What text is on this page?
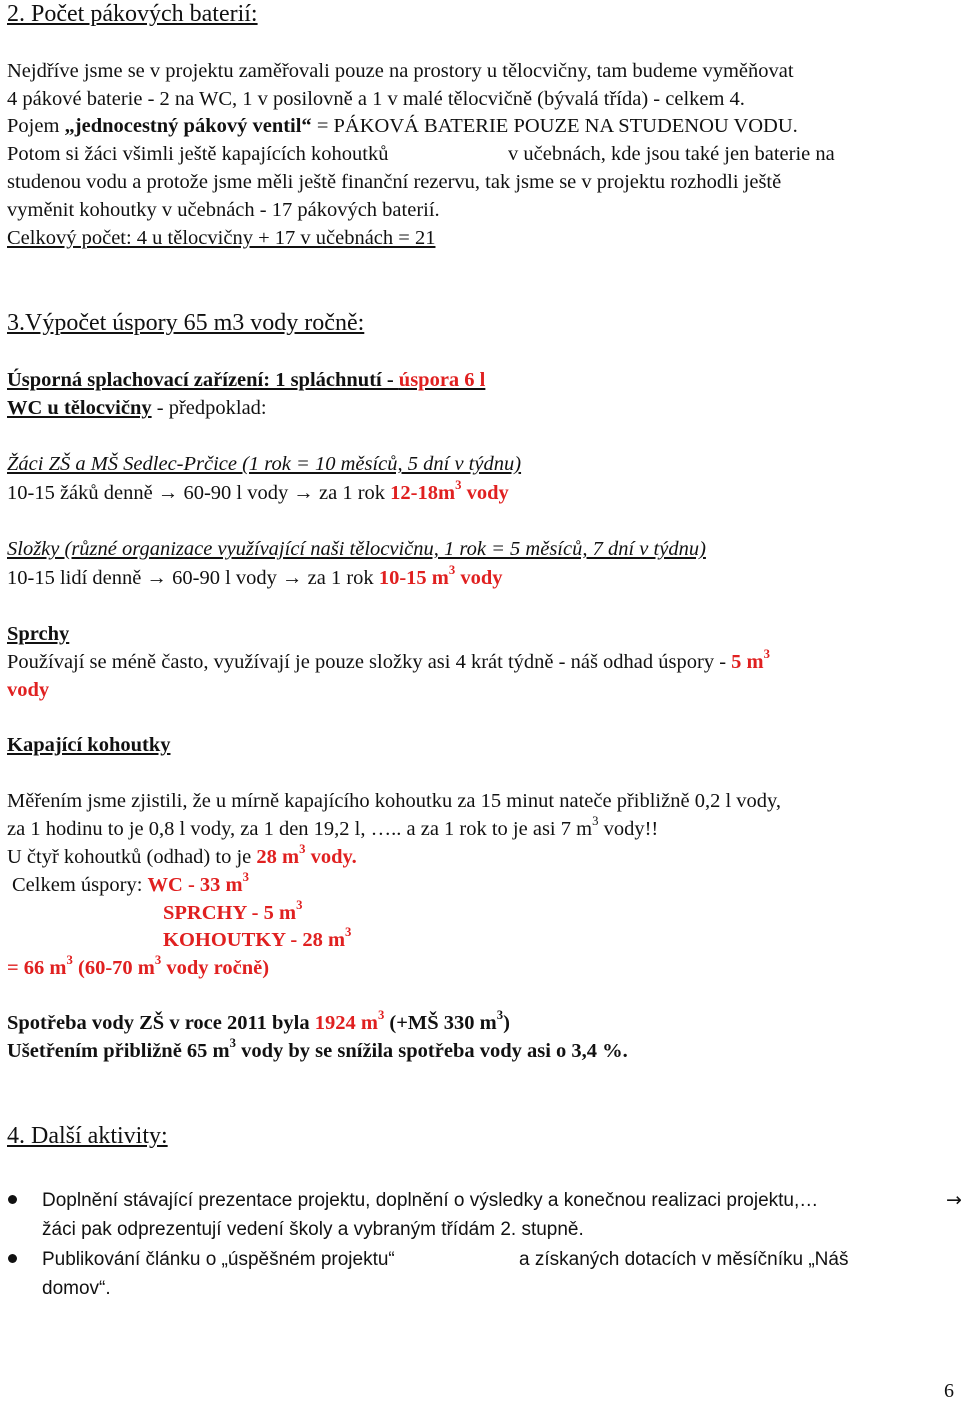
2. Počet pákových baterií:
Nejdříve jsme se v projektu zaměřovali pouze na prostory u tělocvičny, tam budeme vyměňovat
4 pákové baterie - 2 na WC, 1 v posilovně a 1 v malé tělocvičně (bývalá třída) - celkem 4.
Pojem „jednocestný pákový ventil“ = PÁKOVÁ BATERIE POUZE NA STUDENOU VODU.
Potom si žáci všimli ještě kapajících kohoutků	v učebnách, kde jsou také jen baterie na
studenou vodu a protože jsme měli ještě finanční rezervu, tak jsme se v projektu rozhodli ještě
vyměnit kohoutky v učebnách - 17 pákových baterií.
Celkový počet: 4 u tělocvičny + 17 v učebnách = 21
3.Výpočet úspory 65 m3 vody ročně:
Úsporná splachovací zařízení: 1 spláchnutí - úspora 6 l
WC u tělocvičny - předpoklad:
Žáci ZŠ a MŠ Sedlec-Prčice (1 rok = 10 měsíců, 5 dní v týdnu)
10-15 žáků denně → 60-90 l vody → za 1 rok $12-18m^3$ vody
Složky (různé organizace využívající naši tělocvičnu, 1 rok = 5 měsíců, 7 dní v týdnu)
10-15 lidí denně → 60-90 l vody → za 1 rok 10-15 $m^3$ vody
Sprchy
Používají se méně často, využívají je pouze složky asi 4 krát týdně - náš odhad úspory - 5 $m^3$
vody
Kapající kohoutky
Měřením jsme zjistili, že u mírně kapajícího kohoutku za 15 minut nateče přibližně 0,2 l vody,
za 1 hodinu to je 0,8 l vody, za 1 den 19,2 l, ….. a za 1 rok to je asi 7 $m^3$ vody!!
U čtyř kohoutků (odhad) to je 28 $m^3$ vody.
Celkem úspory: WC - 33 $m^3$
SPRCHY - 5 $m^3$
KOHOUTKY - 28 $m^3$
= 66 $m^3$ (60-70 $m^3$ vody ročně)
Spotřeba vody ZŠ v roce 2011 byla 1924 $m^3$ (+MŠ 330 $m^3$)
Ušetřením přibližně 65 $m^3$ vody by se snížila spotřeba vody asi o 3,4 %.
4. Další aktivity:
Doplnění stávající prezentace projektu, doplnění o výsledky a konečnou realizaci projektu,…	→
žáci pak odprezentují vedení školy a vybraným třídám 2. stupně.
Publikování článku o „úspěšném projektu“	a získaných dotacích v měsíčníku „Náš
domov“.
6
